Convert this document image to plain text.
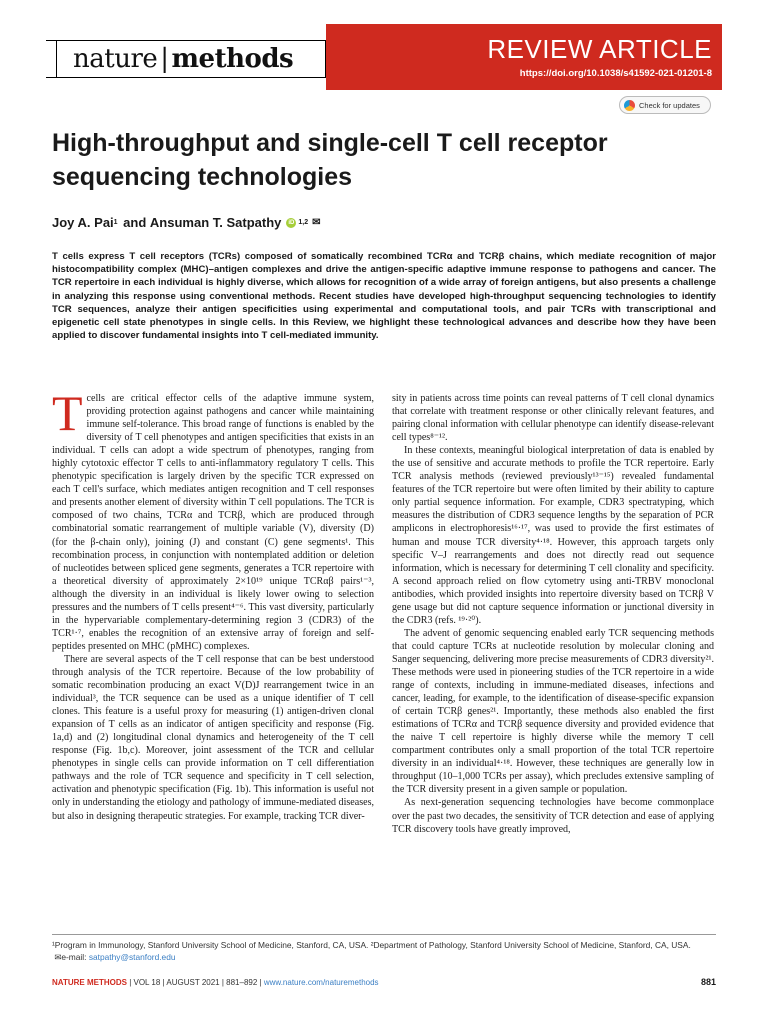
nature | methods	REVIEW ARTICLE
https://doi.org/10.1038/s41592-021-01201-8
Check for updates
High-throughput and single-cell T cell receptor sequencing technologies
Joy A. Pai 1 and Ansuman T. Satpathy	iD 1,2 ✉

T cells express T cell receptors (TCRs) composed of somatically recombined TCRα and TCRβ chains, which mediate recognition of major histocompatibility complex (MHC)–antigen complexes and drive the antigen-specific adaptive immune response to pathogens and cancer. The TCR repertoire in each individual is highly diverse, which allows for recognition of a wide array of foreign antigens, but also presents a challenge in analyzing this response using conventional methods. Recent studies have developed high-throughput sequencing technologies to identify TCR sequences, analyze their antigen specificities using experimental and computational tools, and pair TCRs with transcriptional and epigenetic cell state phenotypes in single cells. In this Review, we highlight these technological advances and describe how they have been applied to discover fundamental insights into T cell-mediated immunity.

Tcells are critical effector cells of the adaptive immune system, providing protection against pathogens and cancer while maintaining immune self-tolerance. This broad range of functions is enabled by the diversity of T cell phenotypes and antigen specificities that exists in an individual. T cells can adopt a wide spectrum of phenotypes, ranging from highly cytotoxic effector T cells to anti-inflammatory regulatory T cells. This phenotypic specification is largely driven by the specific TCR expressed on each T cell's surface, which mediates antigen recognition and T cell responses and presents another element of diversity within T cell populations. The TCR is composed of two chains, TCRα and TCRβ, which are produced through combinatorial somatic rearrangement of multiple variable (V), diversity (D) (for the β-chain only), joining (J) and constant (C) gene segments¹. This recombination process, in conjunction with nontemplated addition or deletion of nucleotides between spliced gene segments, generates a TCR repertoire with a theoretical diversity of approximately 2×10¹⁹ unique TCRαβ pairs¹⁻³, although the diversity in an individual is likely lower owing to selection pressures and the numbers of T cells present⁴⁻⁶. This vast diversity, particularly in the hypervariable complementary-determining region 3 (CDR3) of the TCR¹·⁷, enables the recognition of an extensive array of foreign and self-peptides presented on MHC (pMHC) complexes.

There are several aspects of the T cell response that can be best understood through analysis of the TCR repertoire. Because of the low probability of somatic recombination producing an exact V(D)J rearrangement twice in an individual³, the TCR sequence can be used as a unique identifier of T cell clones. This feature is a useful proxy for measuring (1) antigen-driven clonal expansion of T cells as an indicator of antigen specificity and response (Fig. 1a,d) and (2) longitudinal clonal dynamics and heterogeneity of the T cell response (Fig. 1b,c). Moreover, joint assessment of the TCR and cellular phenotypes in single cells can provide information on T cell differentiation pathways and the role of TCR sequence and specificity in T cell selection, activation and phenotypic specification (Fig. 1b). This information is useful not only in understanding the etiology and pathology of immune-mediated diseases, but also in designing therapeutic strategies. For example, tracking TCR diver-

sity in patients across time points can reveal patterns of T cell clonal dynamics that correlate with treatment response or other clinically relevant features, and pairing clonal information with cellular phenotype can identify disease-relevant cell types⁸⁻¹².

In these contexts, meaningful biological interpretation of data is enabled by the use of sensitive and accurate methods to profile the TCR repertoire. Early TCR analysis methods (reviewed previously¹³⁻¹⁵) revealed fundamental features of the TCR repertoire but were often limited by their ability to capture only partial sequence information. For example, CDR3 spectratyping, which measures the distribution of CDR3 sequence lengths by the separation of PCR amplicons in electrophoresis¹⁶·¹⁷, was used to provide the first estimates of human and mouse TCR diversity⁴·¹⁸. However, this approach targets only specific V–J rearrangements and does not directly read out sequence information, which is necessary for determining T cell clonality and specificity. A second approach relied on flow cytometry using anti-TRBV monoclonal antibodies, which provided insights into repertoire diversity based on TCRβ V gene usage but did not capture sequence information or junctional diversity in the CDR3 (refs. ¹⁹·²⁰).

The advent of genomic sequencing enabled early TCR sequencing methods that could capture TCRs at nucleotide resolution by molecular cloning and Sanger sequencing, delivering more precise measurements of CDR3 diversity²¹. These methods were used in pioneering studies of the TCR repertoire in a wide range of contexts, including in immune-mediated diseases, infections and cancer, leading, for example, to the identification of disease-specific expansion of certain TCRβ genes²¹. Importantly, these methods also enabled the first estimations of TCRα and TCRβ sequence diversity and provided evidence that the naive T cell repertoire is highly diverse while the memory T cell compartment contributes only a small proportion of the total TCR repertoire diversity in an individual⁴·¹⁸. However, these techniques are generally low in throughput (10–1,000 TCRs per assay), which precludes extensive sampling of the TCR diversity present in a given sample or population.

As next-generation sequencing technologies have become commonplace over the past two decades, the sensitivity of TCR detection and ease of applying TCR discovery tools have greatly improved,

¹Program in Immunology, Stanford University School of Medicine, Stanford, CA, USA. ²Department of Pathology, Stanford University School of Medicine, Stanford, CA, USA. ✉e-mail: satpathy@stanford.edu
NATURE METHODS | VOL 18 | AUGUST 2021 | 881–892 | www.nature.com/naturemethods	881
